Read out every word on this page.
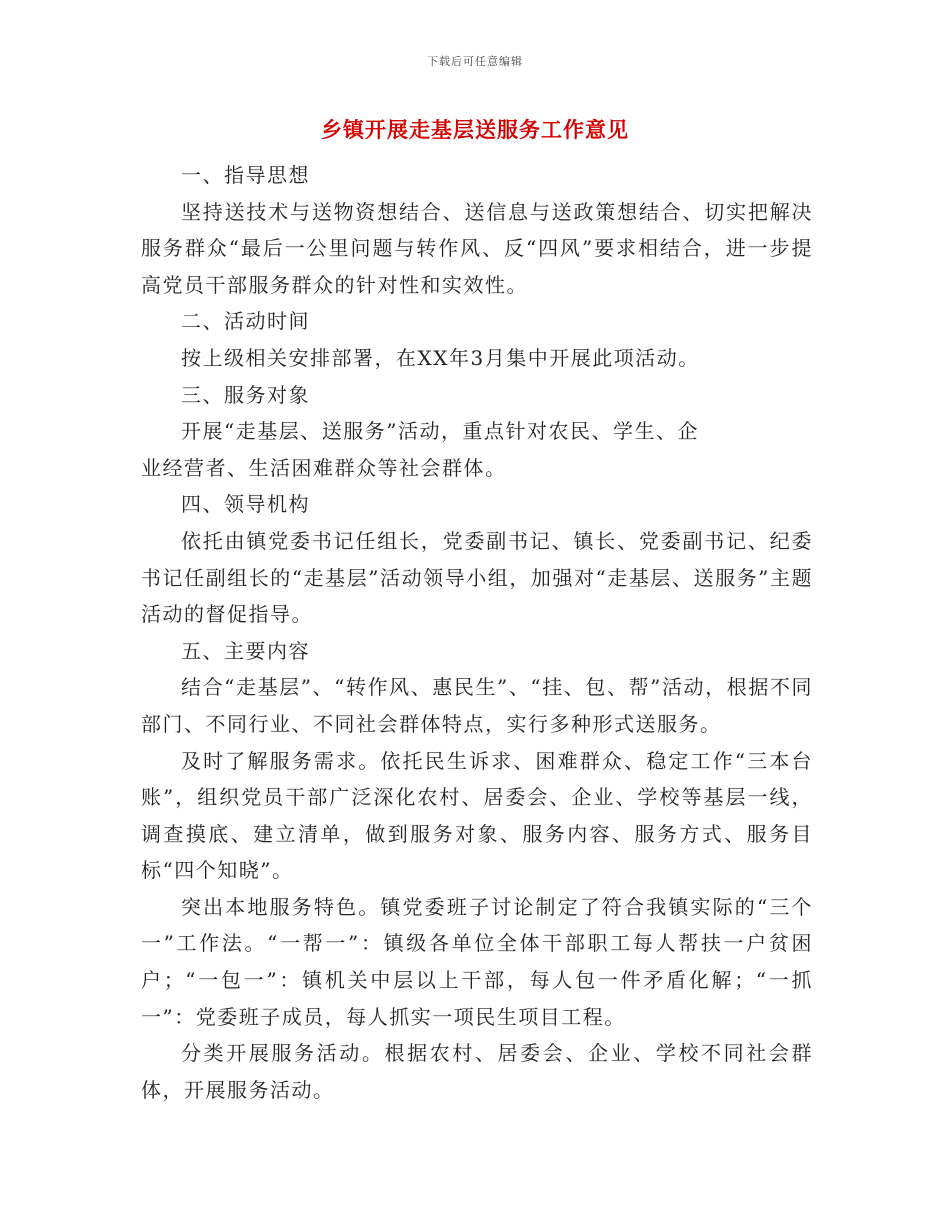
下载后可任意编辑
乡镇开展走基层送服务工作意见

一、指导思想

坚持送技术与送物资想结合、送信息与送政策想结合、切实把解决服务群众“最后一公里问题与转作风、反“四风”要求相结合，进一步提高党员干部服务群众的针对性和实效性。

二、活动时间

按上级相关安排部署，在XX年3月集中开展此项活动。

三、服务对象

开展“走基层、送服务”活动，重点针对农民、学生、企

业经营者、生活困难群众等社会群体。

四、领导机构

依托由镇党委书记任组长，党委副书记、镇长、党委副书记、纪委书记任副组长的“走基层”活动领导小组，加强对“走基层、送服务”主题活动的督促指导。

五、主要内容

结合“走基层”、“转作风、惠民生”、“挂、包、帮”活动，根据不同部门、不同行业、不同社会群体特点，实行多种形式送服务。

及时了解服务需求。依托民生诉求、困难群众、稳定工作“三本台账”，组织党员干部广泛深化农村、居委会、企业、学校等基层一线，调查摸底、建立清单，做到服务对象、服务内容、服务方式、服务目标“四个知晓”。

突出本地服务特色。镇党委班子讨论制定了符合我镇实际的“三个一”工作法。“一帮一”：镇级各单位全体干部职工每人帮扶一户贫困户；“一包一”：镇机关中层以上干部，每人包一件矛盾化解；“一抓一”：党委班子成员，每人抓实一项民生项目工程。

分类开展服务活动。根据农村、居委会、企业、学校不同社会群体，开展服务活动。
